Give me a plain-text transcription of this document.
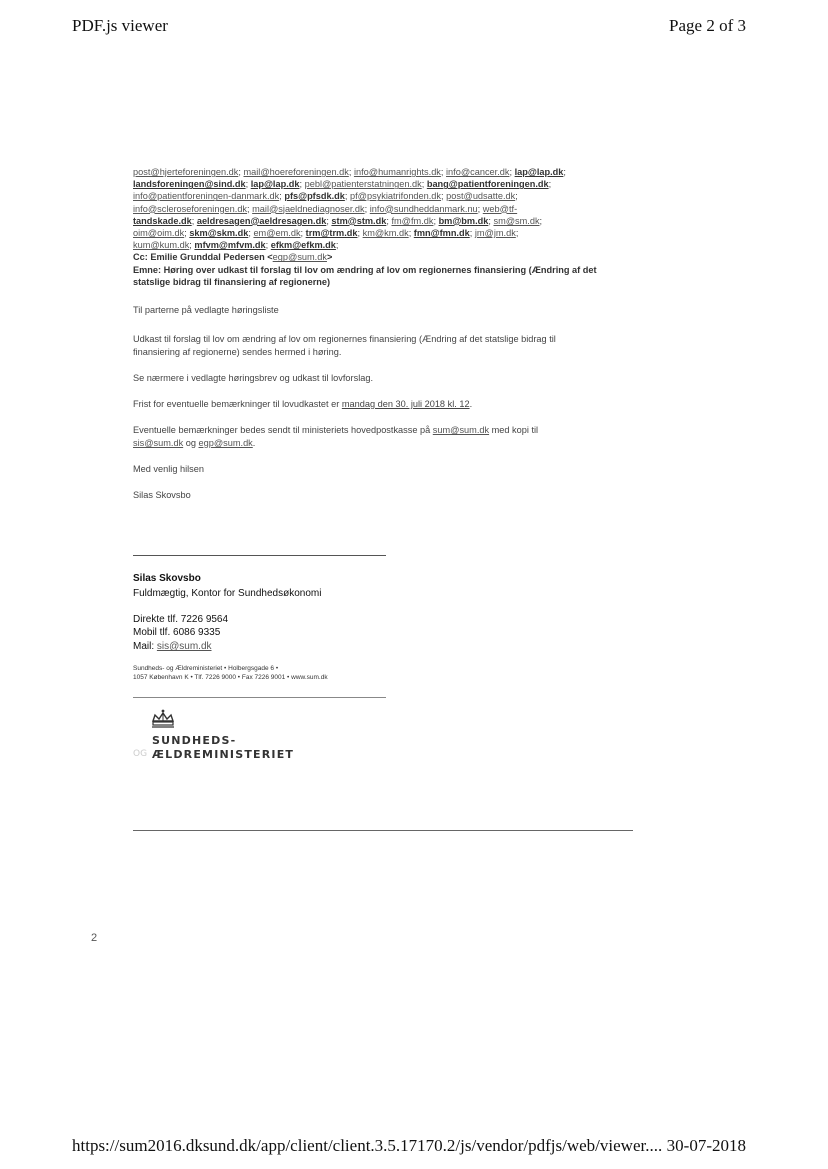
PDF.js viewer	Page 2 of 3
post@hjerteforeningen.dk; mail@hoereforeningen.dk; info@humanrights.dk; info@cancer.dk; lap@lap.dk;
landsforeningen@sind.dk; lap@lap.dk; pebl@patienterstatningen.dk; bang@patientforeningen.dk;
info@patientforeningen-danmark.dk; pfs@pfsdk.dk; pf@psykiatrifonden.dk; post@udsatte.dk;
info@scleroseforeningen.dk; mail@sjaeldnediagnoser.dk; info@sundheddanmark.nu; web@tf-
tandskade.dk; aeldresagen@aeldresagen.dk; stm@stm.dk; fm@fm.dk; bm@bm.dk; sm@sm.dk;
oim@oim.dk; skm@skm.dk; em@em.dk; trm@trm.dk; km@km.dk; fmn@fmn.dk; jm@jm.dk;
kum@kum.dk; mfvm@mfvm.dk; efkm@efkm.dk;
Cc: Emilie Grunddal Pedersen <egp@sum.dk>
Emne: Høring over udkast til forslag til lov om ændring af lov om regionernes finansiering (Ændring af det
statslige bidrag til finansiering af regionerne)
Til parterne på vedlagte høringsliste
Udkast til forslag til lov om ændring af lov om regionernes finansiering (Ændring af det statslige bidrag til
finansiering af regionerne) sendes hermed i høring.
Se nærmere i vedlagte høringsbrev og udkast til lovforslag.
Frist for eventuelle bemærkninger til lovudkastet er mandag den 30. juli 2018 kl. 12.
Eventuelle bemærkninger bedes sendt til ministeriets hovedpostkasse på sum@sum.dk med kopi til
sis@sum.dk og egp@sum.dk.
Med venlig hilsen
Silas Skovsbo
Silas Skovsbo
Fuldmægtig, Kontor for Sundhedsøkonomi
Direkte tlf. 7226 9564
Mobil tlf. 6086 9335
Mail: sis@sum.dk
Sundheds- og Ældreministeriet • Holbergsgade 6 •
1057 København K • Tlf. 7226 9000 • Fax 7226 9001 • www.sum.dk
OG
SUNDHEDS-
ÆLDREMINISTERIET
2
https://sum2016.dksund.dk/app/client/client.3.5.17170.2/js/vendor/pdfjs/web/viewer.... 30-07-2018
